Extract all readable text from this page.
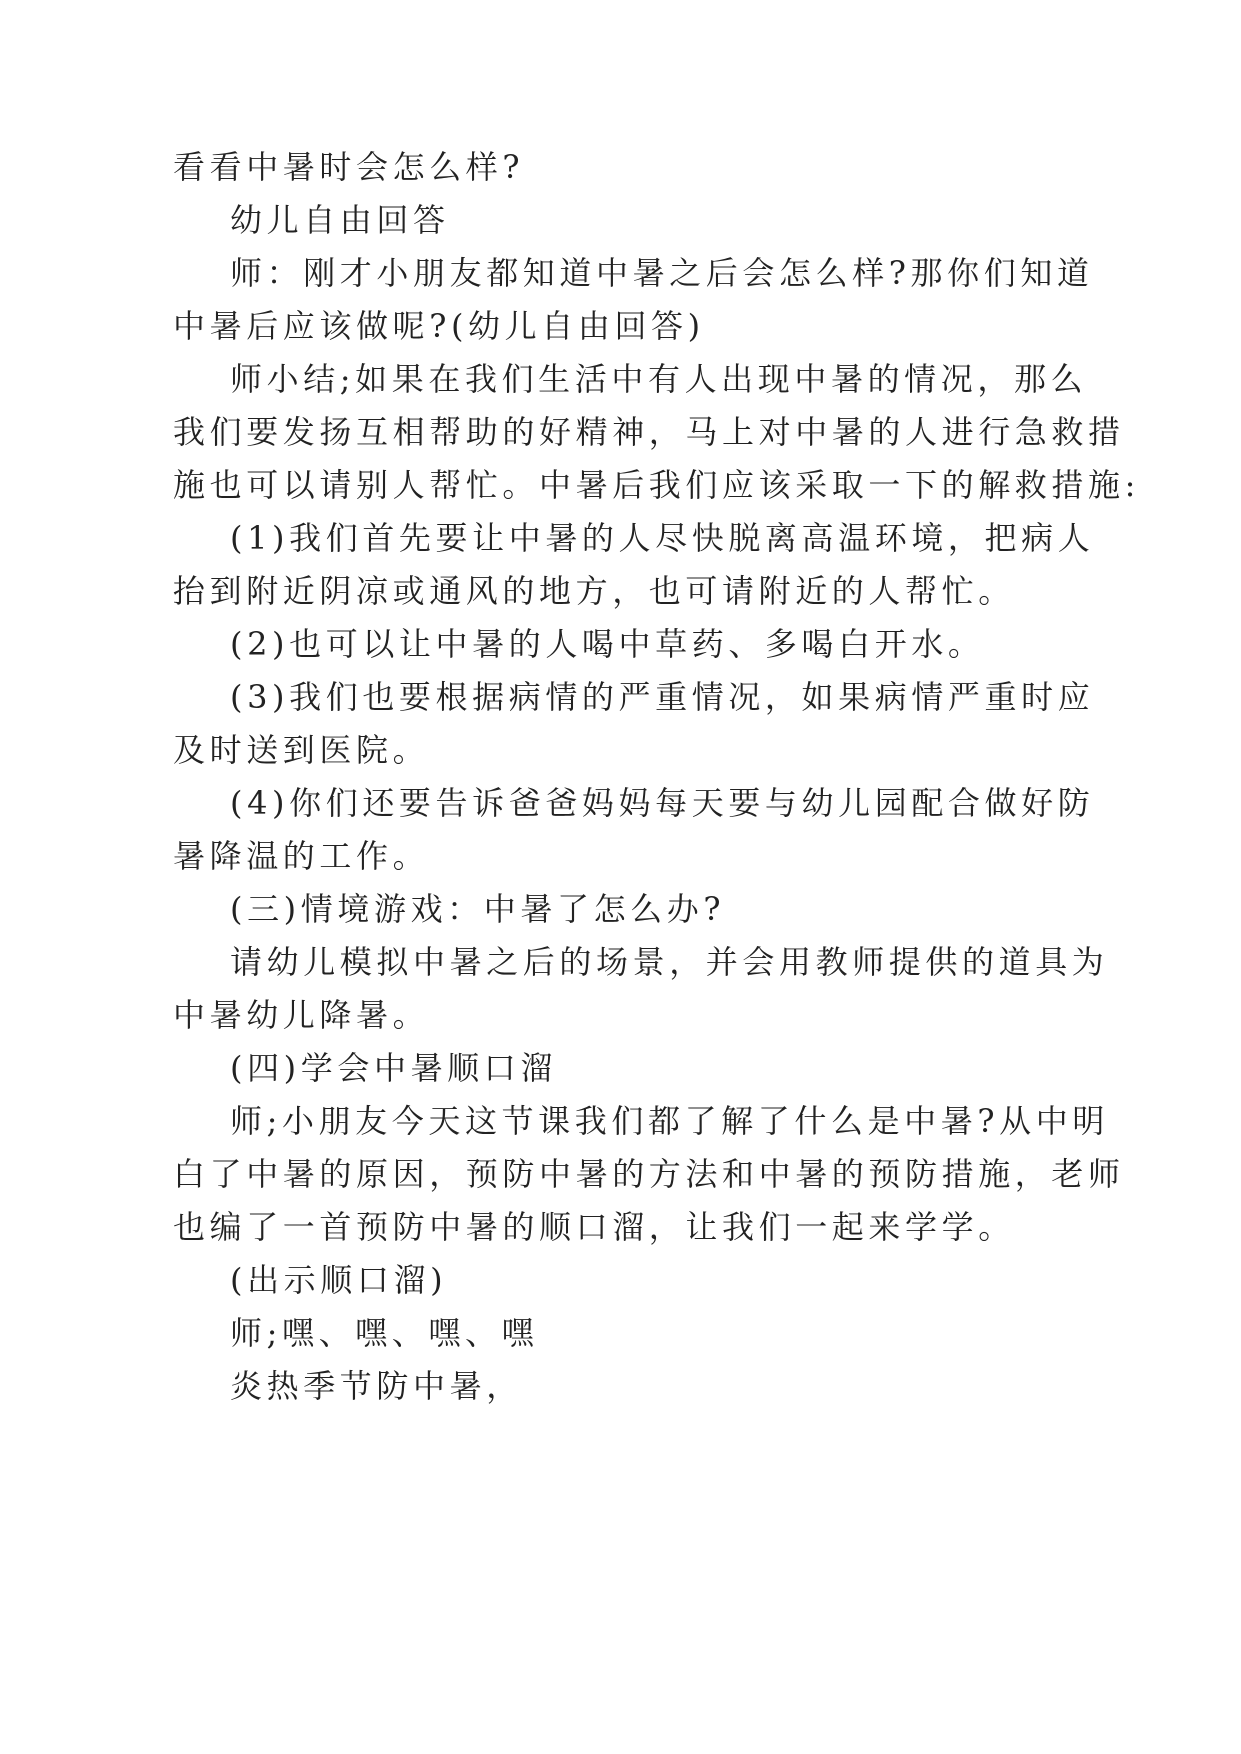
看看中暑时会怎么样?
幼儿自由回答
师：刚才小朋友都知道中暑之后会怎么样?那你们知道
中暑后应该做呢?(幼儿自由回答)
师小结;如果在我们生活中有人出现中暑的情况，那么
我们要发扬互相帮助的好精神，马上对中暑的人进行急救措
施也可以请别人帮忙。中暑后我们应该采取一下的解救措施:
(1)我们首先要让中暑的人尽快脱离高温环境，把病人
抬到附近阴凉或通风的地方，也可请附近的人帮忙。
(2)也可以让中暑的人喝中草药、多喝白开水。
(3)我们也要根据病情的严重情况，如果病情严重时应
及时送到医院。
(4)你们还要告诉爸爸妈妈每天要与幼儿园配合做好防
暑降温的工作。
(三)情境游戏：中暑了怎么办?
请幼儿模拟中暑之后的场景，并会用教师提供的道具为
中暑幼儿降暑。
(四)学会中暑顺口溜
师;小朋友今天这节课我们都了解了什么是中暑?从中明
白了中暑的原因，预防中暑的方法和中暑的预防措施，老师
也编了一首预防中暑的顺口溜，让我们一起来学学。
(出示顺口溜)
师;嘿、嘿、嘿、嘿
炎热季节防中暑，
